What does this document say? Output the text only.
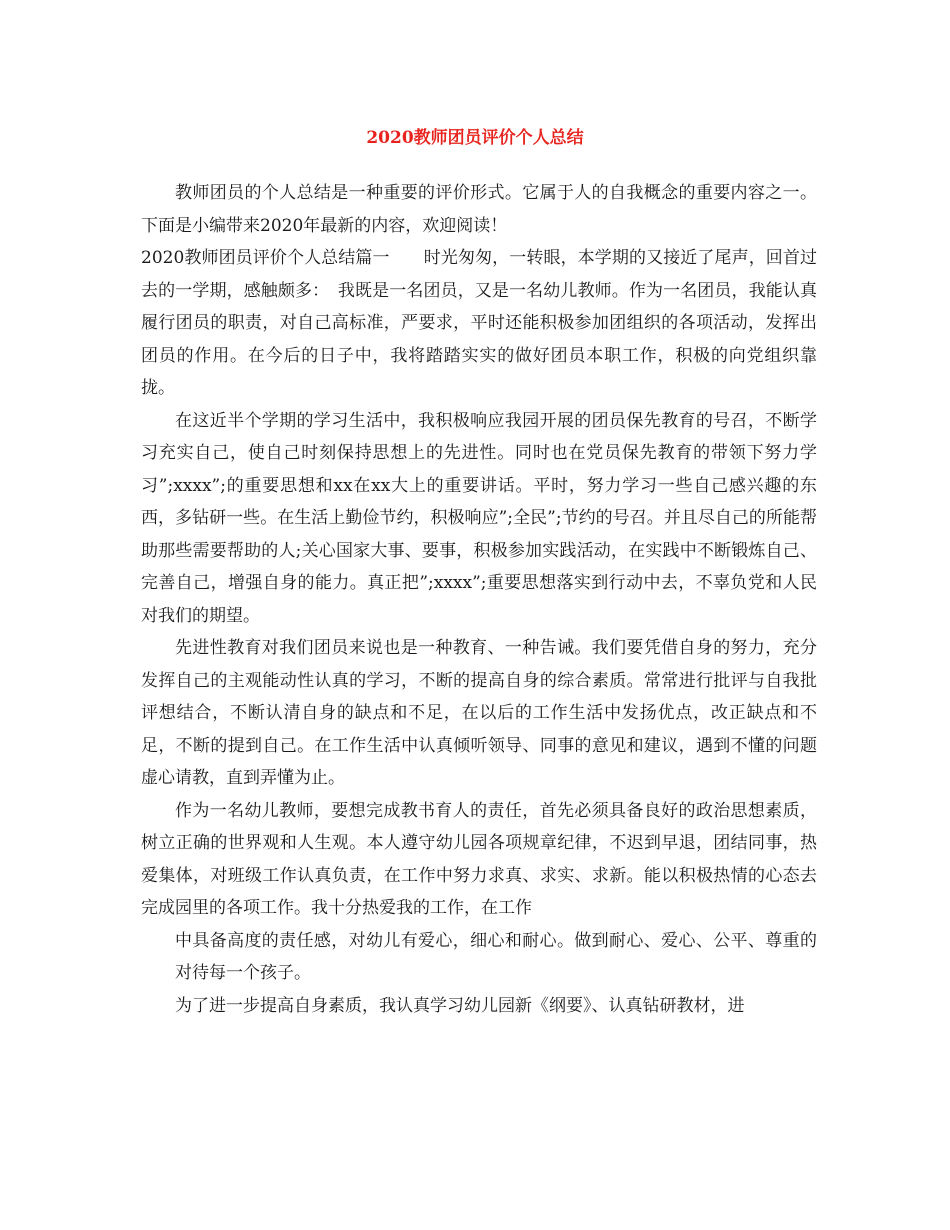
2020教师团员评价个人总结

教师团员的个人总结是一种重要的评价形式。它属于人的自我概念的重要内容之一。下面是小编带来2020年最新的内容，欢迎阅读！

2020教师团员评价个人总结篇一　　时光匆匆，一转眼，本学期的又接近了尾声，回首过去的一学期，感触颇多：　我既是一名团员，又是一名幼儿教师。作为一名团员，我能认真履行团员的职责，对自己高标准，严要求，平时还能积极参加团组织的各项活动，发挥出团员的作用。在今后的日子中，我将踏踏实实的做好团员本职工作，积极的向党组织靠拢。

在这近半个学期的学习生活中，我积极响应我园开展的团员保先教育的号召，不断学习充实自己，使自己时刻保持思想上的先进性。同时也在党员保先教育的带领下努力学习”;xxxx”;的重要思想和xx在xx大上的重要讲话。平时，努力学习一些自己感兴趣的东西，多钻研一些。在生活上勤俭节约，积极响应”;全民”;节约的号召。并且尽自己的所能帮助那些需要帮助的人;关心国家大事、要事，积极参加实践活动，在实践中不断锻炼自己、完善自己，增强自身的能力。真正把”;xxxx”;重要思想落实到行动中去，不辜负党和人民对我们的期望。

先进性教育对我们团员来说也是一种教育、一种告诫。我们要凭借自身的努力，充分发挥自己的主观能动性认真的学习，不断的提高自身的综合素质。常常进行批评与自我批评想结合，不断认清自身的缺点和不足，在以后的工作生活中发扬优点，改正缺点和不足，不断的提到自己。在工作生活中认真倾听领导、同事的意见和建议，遇到不懂的问题虚心请教，直到弄懂为止。

作为一名幼儿教师，要想完成教书育人的责任，首先必须具备良好的政治思想素质，树立正确的世界观和人生观。本人遵守幼儿园各项规章纪律，不迟到早退，团结同事，热爱集体，对班级工作认真负责，在工作中努力求真、求实、求新。能以积极热情的心态去完成园里的各项工作。我十分热爱我的工作，在工作

中具备高度的责任感，对幼儿有爱心，细心和耐心。做到耐心、爱心、公平、尊重的对待每一个孩子。

为了进一步提高自身素质，我认真学习幼儿园新《纲要》、认真钻研教材，进
